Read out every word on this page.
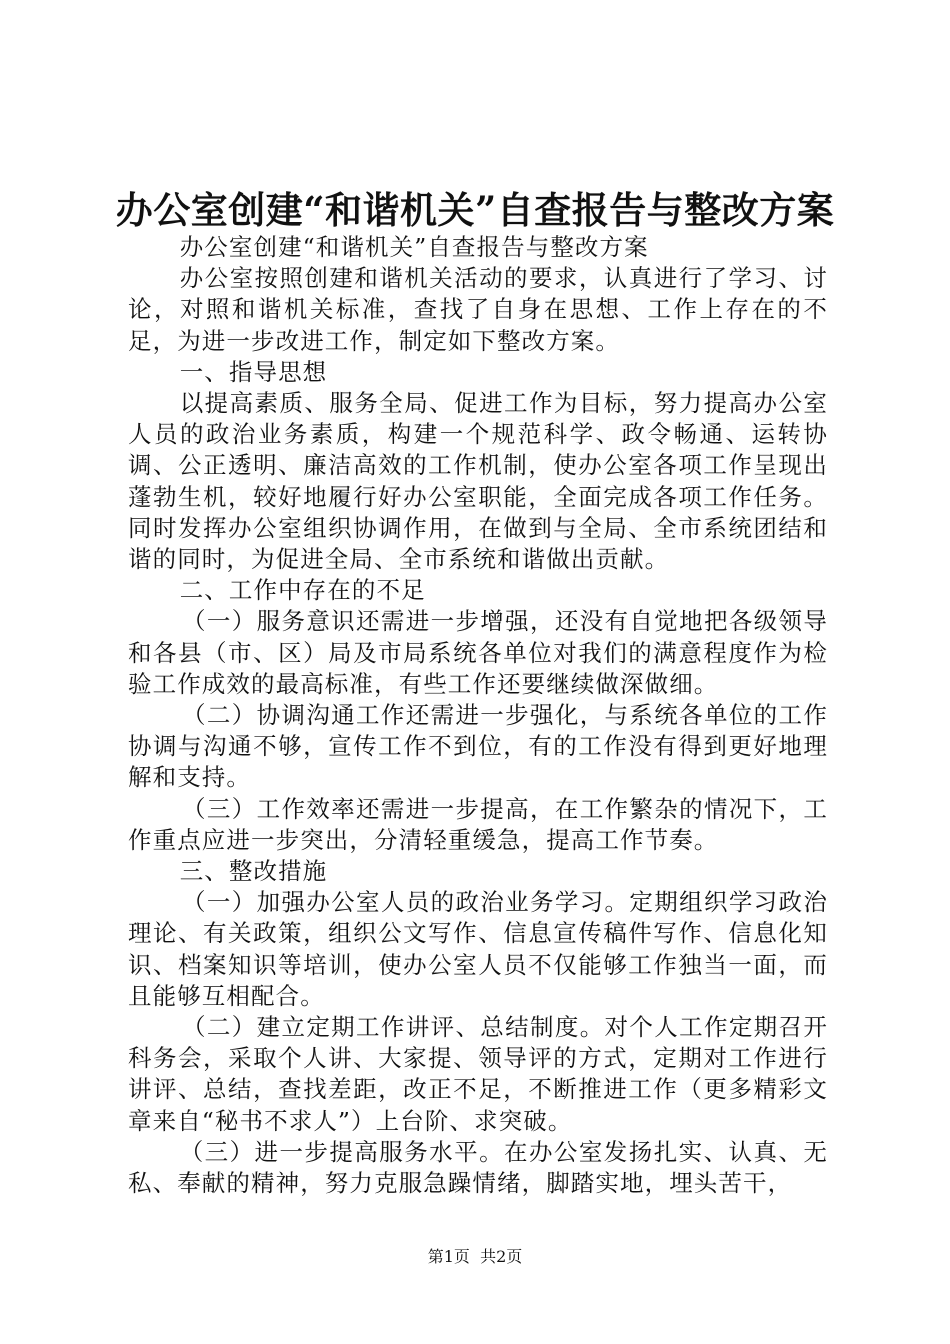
办公室创建“和谐机关”自查报告与整改方案

办公室创建“和谐机关”自查报告与整改方案

办公室按照创建和谐机关活动的要求，认真进行了学习、讨论，对照和谐机关标准，查找了自身在思想、工作上存在的不足，为进一步改进工作，制定如下整改方案。

一、指导思想

以提高素质、服务全局、促进工作为目标，努力提高办公室人员的政治业务素质，构建一个规范科学、政令畅通、运转协调、公正透明、廉洁高效的工作机制，使办公室各项工作呈现出蓬勃生机，较好地履行好办公室职能，全面完成各项工作任务。同时发挥办公室组织协调作用，在做到与全局、全市系统团结和谐的同时，为促进全局、全市系统和谐做出贡献。

二、工作中存在的不足

（一）服务意识还需进一步增强，还没有自觉地把各级领导和各县（市、区）局及市局系统各单位对我们的满意程度作为检验工作成效的最高标准，有些工作还要继续做深做细。

（二）协调沟通工作还需进一步强化，与系统各单位的工作协调与沟通不够，宣传工作不到位，有的工作没有得到更好地理解和支持。

（三）工作效率还需进一步提高，在工作繁杂的情况下，工作重点应进一步突出，分清轻重缓急，提高工作节奏。

三、整改措施

（一）加强办公室人员的政治业务学习。定期组织学习政治理论、有关政策，组织公文写作、信息宣传稿件写作、信息化知识、档案知识等培训，使办公室人员不仅能够工作独当一面，而且能够互相配合。

（二）建立定期工作讲评、总结制度。对个人工作定期召开科务会，采取个人讲、大家提、领导评的方式，定期对工作进行讲评、总结，查找差距，改正不足，不断推进工作（更多精彩文章来自“秘书不求人”）上台阶、求突破。

（三）进一步提高服务水平。在办公室发扬扎实、认真、无私、奉献的精神，努力克服急躁情绪，脚踏实地，埋头苦干，

第1页  共2页
